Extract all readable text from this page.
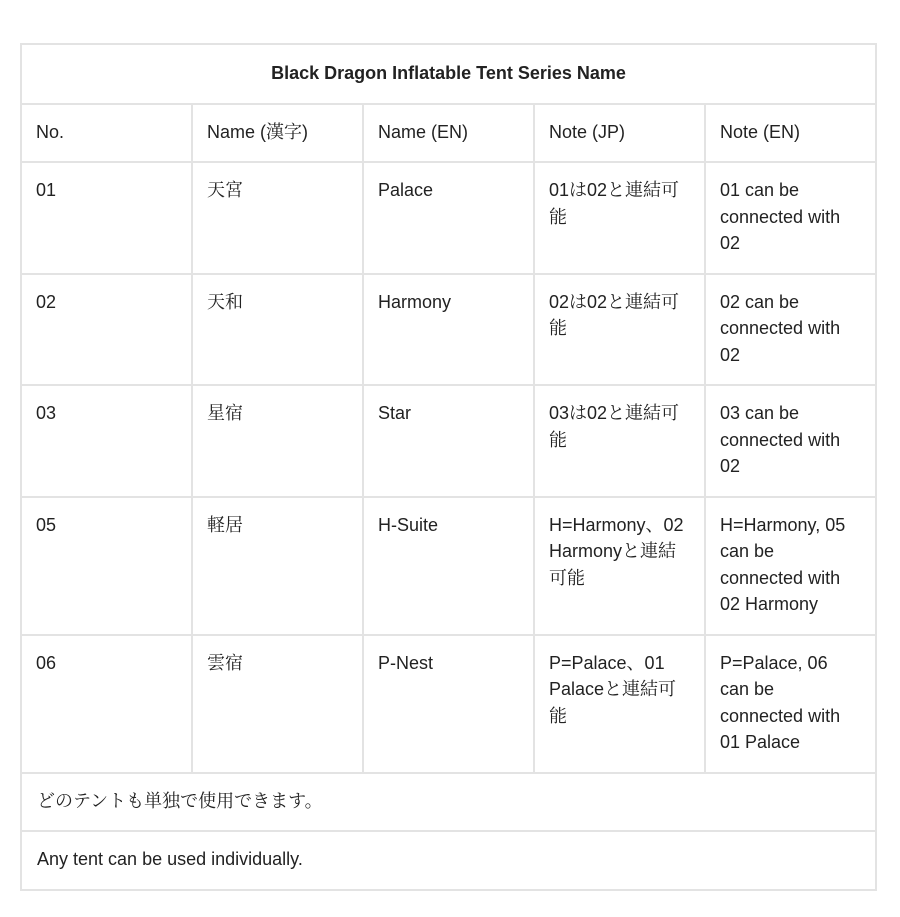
Black Dragon Inflatable Tent Series Name				
No.	Name (漢字)	Name (EN)	Note (JP)	Note (EN)
01	天宮	Palace	01は02と連結可能	01 can be connected with 02
02	天和	Harmony	02は02と連結可能	02 can be connected with 02
03	星宿	Star	03は02と連結可能	03 can be connected with 02
05	軽居	H-Suite	H=Harmony、02 Harmonyと連結可能	H=Harmony, 05 can be connected with 02 Harmony
06	雲宿	P-Nest	P=Palace、01 Palaceと連結可能	P=Palace, 06 can be connected with 01 Palace
どのテントも単独で使用できます。				
Any tent can be used individually.				
